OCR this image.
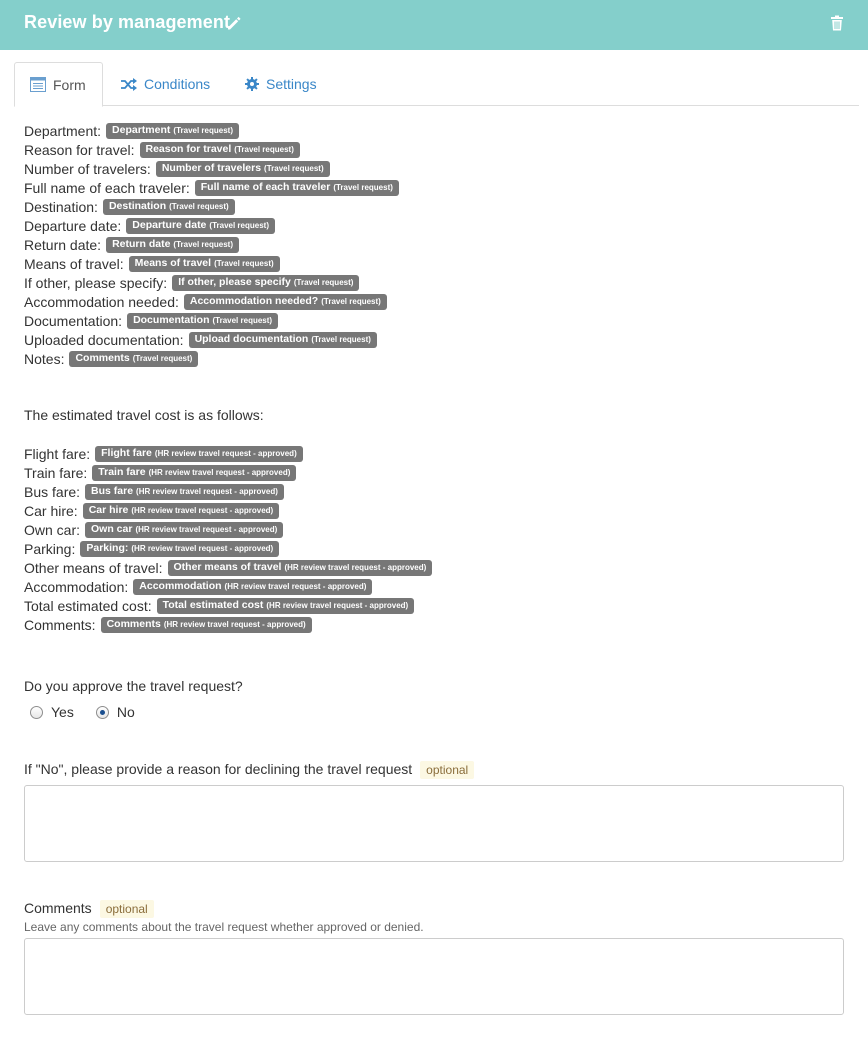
Review by management
Form	Conditions	Settings
Department: Department (Travel request)
Reason for travel: Reason for travel (Travel request)
Number of travelers: Number of travelers (Travel request)
Full name of each traveler: Full name of each traveler (Travel request)
Destination: Destination (Travel request)
Departure date: Departure date (Travel request)
Return date: Return date (Travel request)
Means of travel: Means of travel (Travel request)
If other, please specify: If other, please specify (Travel request)
Accommodation needed: Accommodation needed? (Travel request)
Documentation: Documentation (Travel request)
Uploaded documentation: Upload documentation (Travel request)
Notes: Comments (Travel request)
The estimated travel cost is as follows:
Flight fare: Flight fare (HR review travel request - approved)
Train fare: Train fare (HR review travel request - approved)
Bus fare: Bus fare (HR review travel request - approved)
Car hire: Car hire (HR review travel request - approved)
Own car: Own car (HR review travel request - approved)
Parking: Parking: (HR review travel request - approved)
Other means of travel: Other means of travel (HR review travel request - approved)
Accommodation: Accommodation (HR review travel request - approved)
Total estimated cost: Total estimated cost (HR review travel request - approved)
Comments: Comments (HR review travel request - approved)
Do you approve the travel request?
Yes	No
If "No", please provide a reason for declining the travel request optional
Comments optional
Leave any comments about the travel request whether approved or denied.
